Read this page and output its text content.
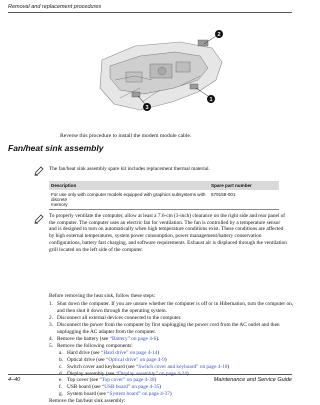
Removal and replacement procedures
2
3
1
Reverse this procedure to install the modem module cable.
Fan/heat sink assembly
The fan/heat sink assembly spare kit includes replacement thermal material.
Description	Spare part number
For use only with computer models equipped with graphics subsystems with discrete
memory
579158-001
To properly ventilate the computer, allow at least a 7.6-cm (3-inch) clearance on the right side and rear panel of
the computer. The computer uses an electric fan for ventilation. The fan is controlled by a temperature sensor
and is designed to turn on automatically when high temperature conditions exist. These conditions are affected
by high external temperatures, system power consumption, power management/battery conservation
configurations, battery fast charging, and software requirements. Exhaust air is displaced through the ventilation
grill located on the left side of the computer.
Before removing the heat sink, follow these steps:
1. Shut down the computer. If you are unsure whether the computer is off or in Hibernation, turn the computer on,
and then shut it down through the operating system.
2. Disconnect all external devices connected to the computer.
3. Disconnect the power from the computer by first unplugging the power cord from the AC outlet and then
unplugging the AC adapter from the computer.
4. Remove the battery (see “Battery” on page 4-6).
5. Remove the following components:
a. Hard drive (see “Hard drive” on page 4-14)
b. Optical drive (see “Optical drive” on page 4-9)
c. Switch cover and keyboard (see “Switch cover and keyboard” on page 4-18)
d. Display assembly (see “Display assembly” on page 4-24)
e. Top cover (see “Top cover” on page 4-30)
f. USB board (see “USB board” on page 4-35)
g. System board (see “System board” on page 4-37)
Remove the fan/heat sink assembly:
4–40	Maintenance and Service Guide
